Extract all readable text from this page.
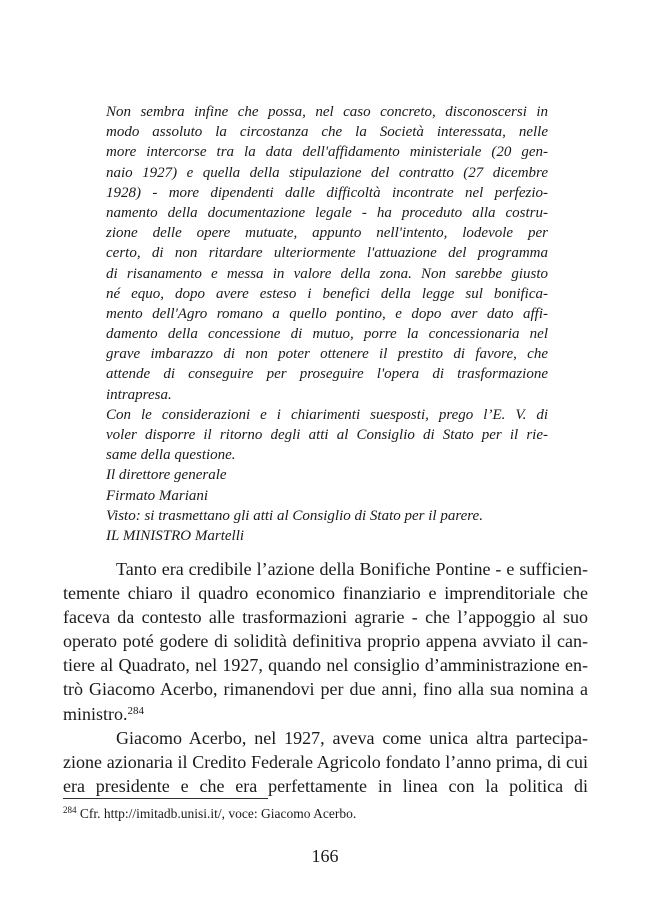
Non sembra infine che possa, nel caso concreto, disconoscersi in
modo assoluto la circostanza che la Società interessata, nelle
more intercorse tra la data dell'affidamento ministeriale (20 gen-
naio 1927) e quella della stipulazione del contratto (27 dicembre
1928) - more dipendenti dalle difficoltà incontrate nel perfezio-
namento della documentazione legale - ha proceduto alla costru-
zione delle opere mutuate, appunto nell'intento, lodevole per
certo, di non ritardare ulteriormente l'attuazione del programma
di risanamento e messa in valore della zona. Non sarebbe giusto
né equo, dopo avere esteso i benefici della legge sul bonifica-
mento dell'Agro romano a quello pontino, e dopo aver dato affi-
damento della concessione di mutuo, porre la concessionaria nel
grave imbarazzo di non poter ottenere il prestito di favore, che
attende di conseguire per proseguire l'opera di trasformazione
intrapresa.
Con le considerazioni e i chiarimenti suesposti, prego l’E. V. di
voler disporre il ritorno degli atti al Consiglio di Stato per il rie-
same della questione.
Il direttore generale
Firmato Mariani
Visto: si trasmettano gli atti al Consiglio di Stato per il parere.
IL MINISTRO Martelli
Tanto era credibile l’azione della Bonifiche Pontine - e sufficien-
temente chiaro il quadro economico finanziario e imprenditoriale che
faceva da contesto alle trasformazioni agrarie - che l’appoggio al suo
operato poté godere di solidità definitiva proprio appena avviato il can-
tiere al Quadrato, nel 1927, quando nel consiglio d’amministrazione en-
trò Giacomo Acerbo, rimanendovi per due anni, fino alla sua nomina a
ministro.$^{284}$
Giacomo Acerbo, nel 1927, aveva come unica altra partecipa-
zione azionaria il Credito Federale Agricolo fondato l’anno prima, di cui
era presidente e che era perfettamente in linea con la politica di
$^{284}$ Cfr. http://imitadb.unisi.it/, voce: Giacomo Acerbo.
166
